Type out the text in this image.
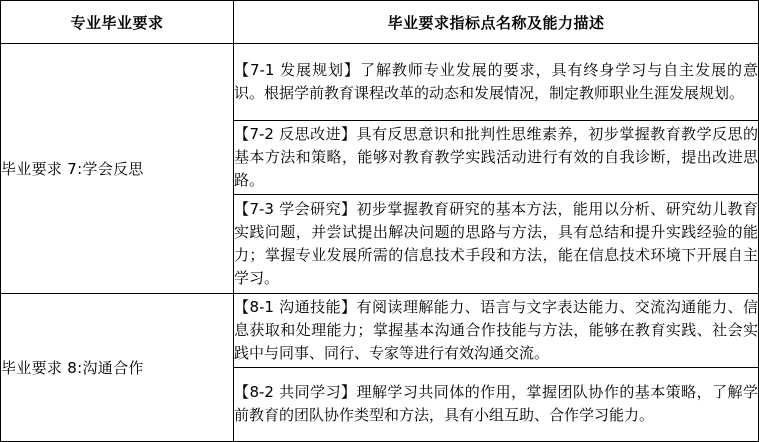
专业毕业要求	毕业要求指标点名称及能力描述
毕业要求 7:学会反思	【7-1 发展规划】了解教师专业发展的要求，具有终身学习与自主发展的意识。根据学前教育课程改革的动态和发展情况，制定教师职业生涯发展规划。
	【7-2 反思改进】具有反思意识和批判性思维素养，初步掌握教育教学反思的基本方法和策略，能够对教育教学实践活动进行有效的自我诊断，提出改进思路。
	【7-3 学会研究】初步掌握教育研究的基本方法，能用以分析、研究幼儿教育实践问题，并尝试提出解决问题的思路与方法，具有总结和提升实践经验的能力；掌握专业发展所需的信息技术手段和方法，能在信息技术环境下开展自主学习。
毕业要求 8:沟通合作	【8-1 沟通技能】有阅读理解能力、语言与文字表达能力、交流沟通能力、信息获取和处理能力；掌握基本沟通合作技能与方法，能够在教育实践、社会实践中与同事、同行、专家等进行有效沟通交流。
	【8-2 共同学习】理解学习共同体的作用，掌握团队协作的基本策略，了解学前教育的团队协作类型和方法，具有小组互助、合作学习能力。
